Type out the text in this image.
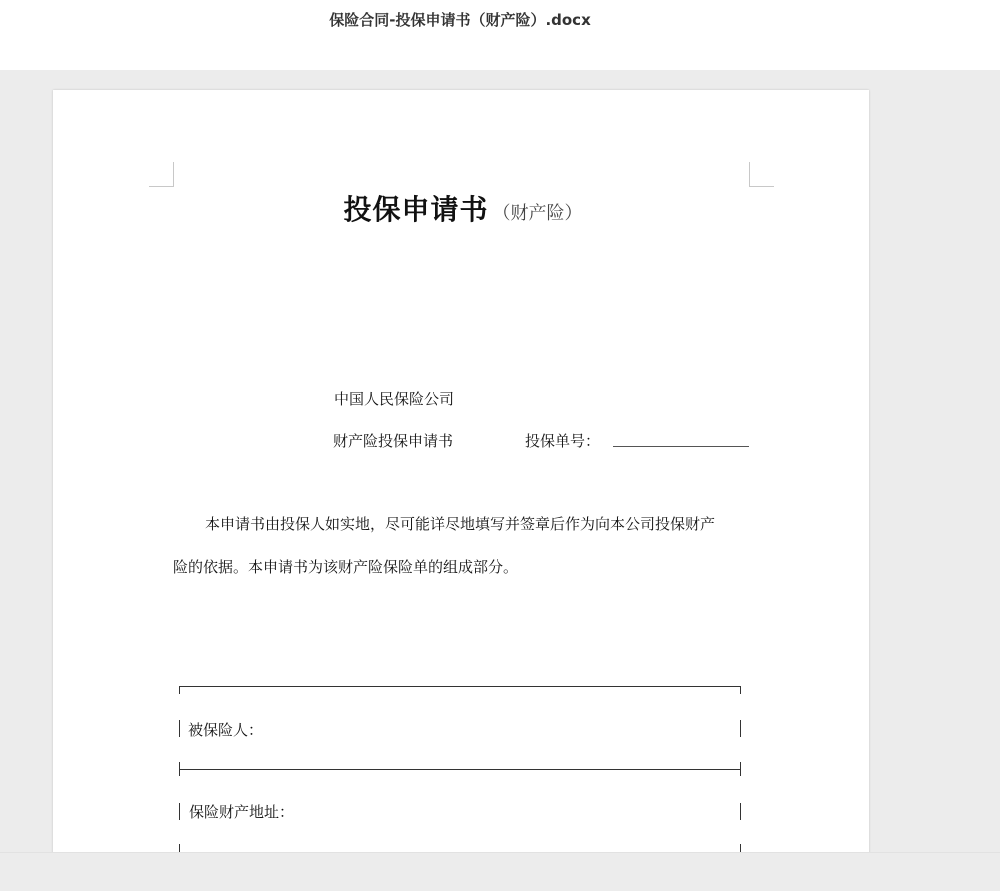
保险合同-投保申请书（财产险）.docx
投保申请书 （财产险）
中国人民保险公司
财产险投保申请书	投保单号：
本申请书由投保人如实地，尽可能详尽地填写并签章后作为向本公司投保财产
险的依据。本申请书为该财产险保险单的组成部分。
被保险人：
保险财产地址：
